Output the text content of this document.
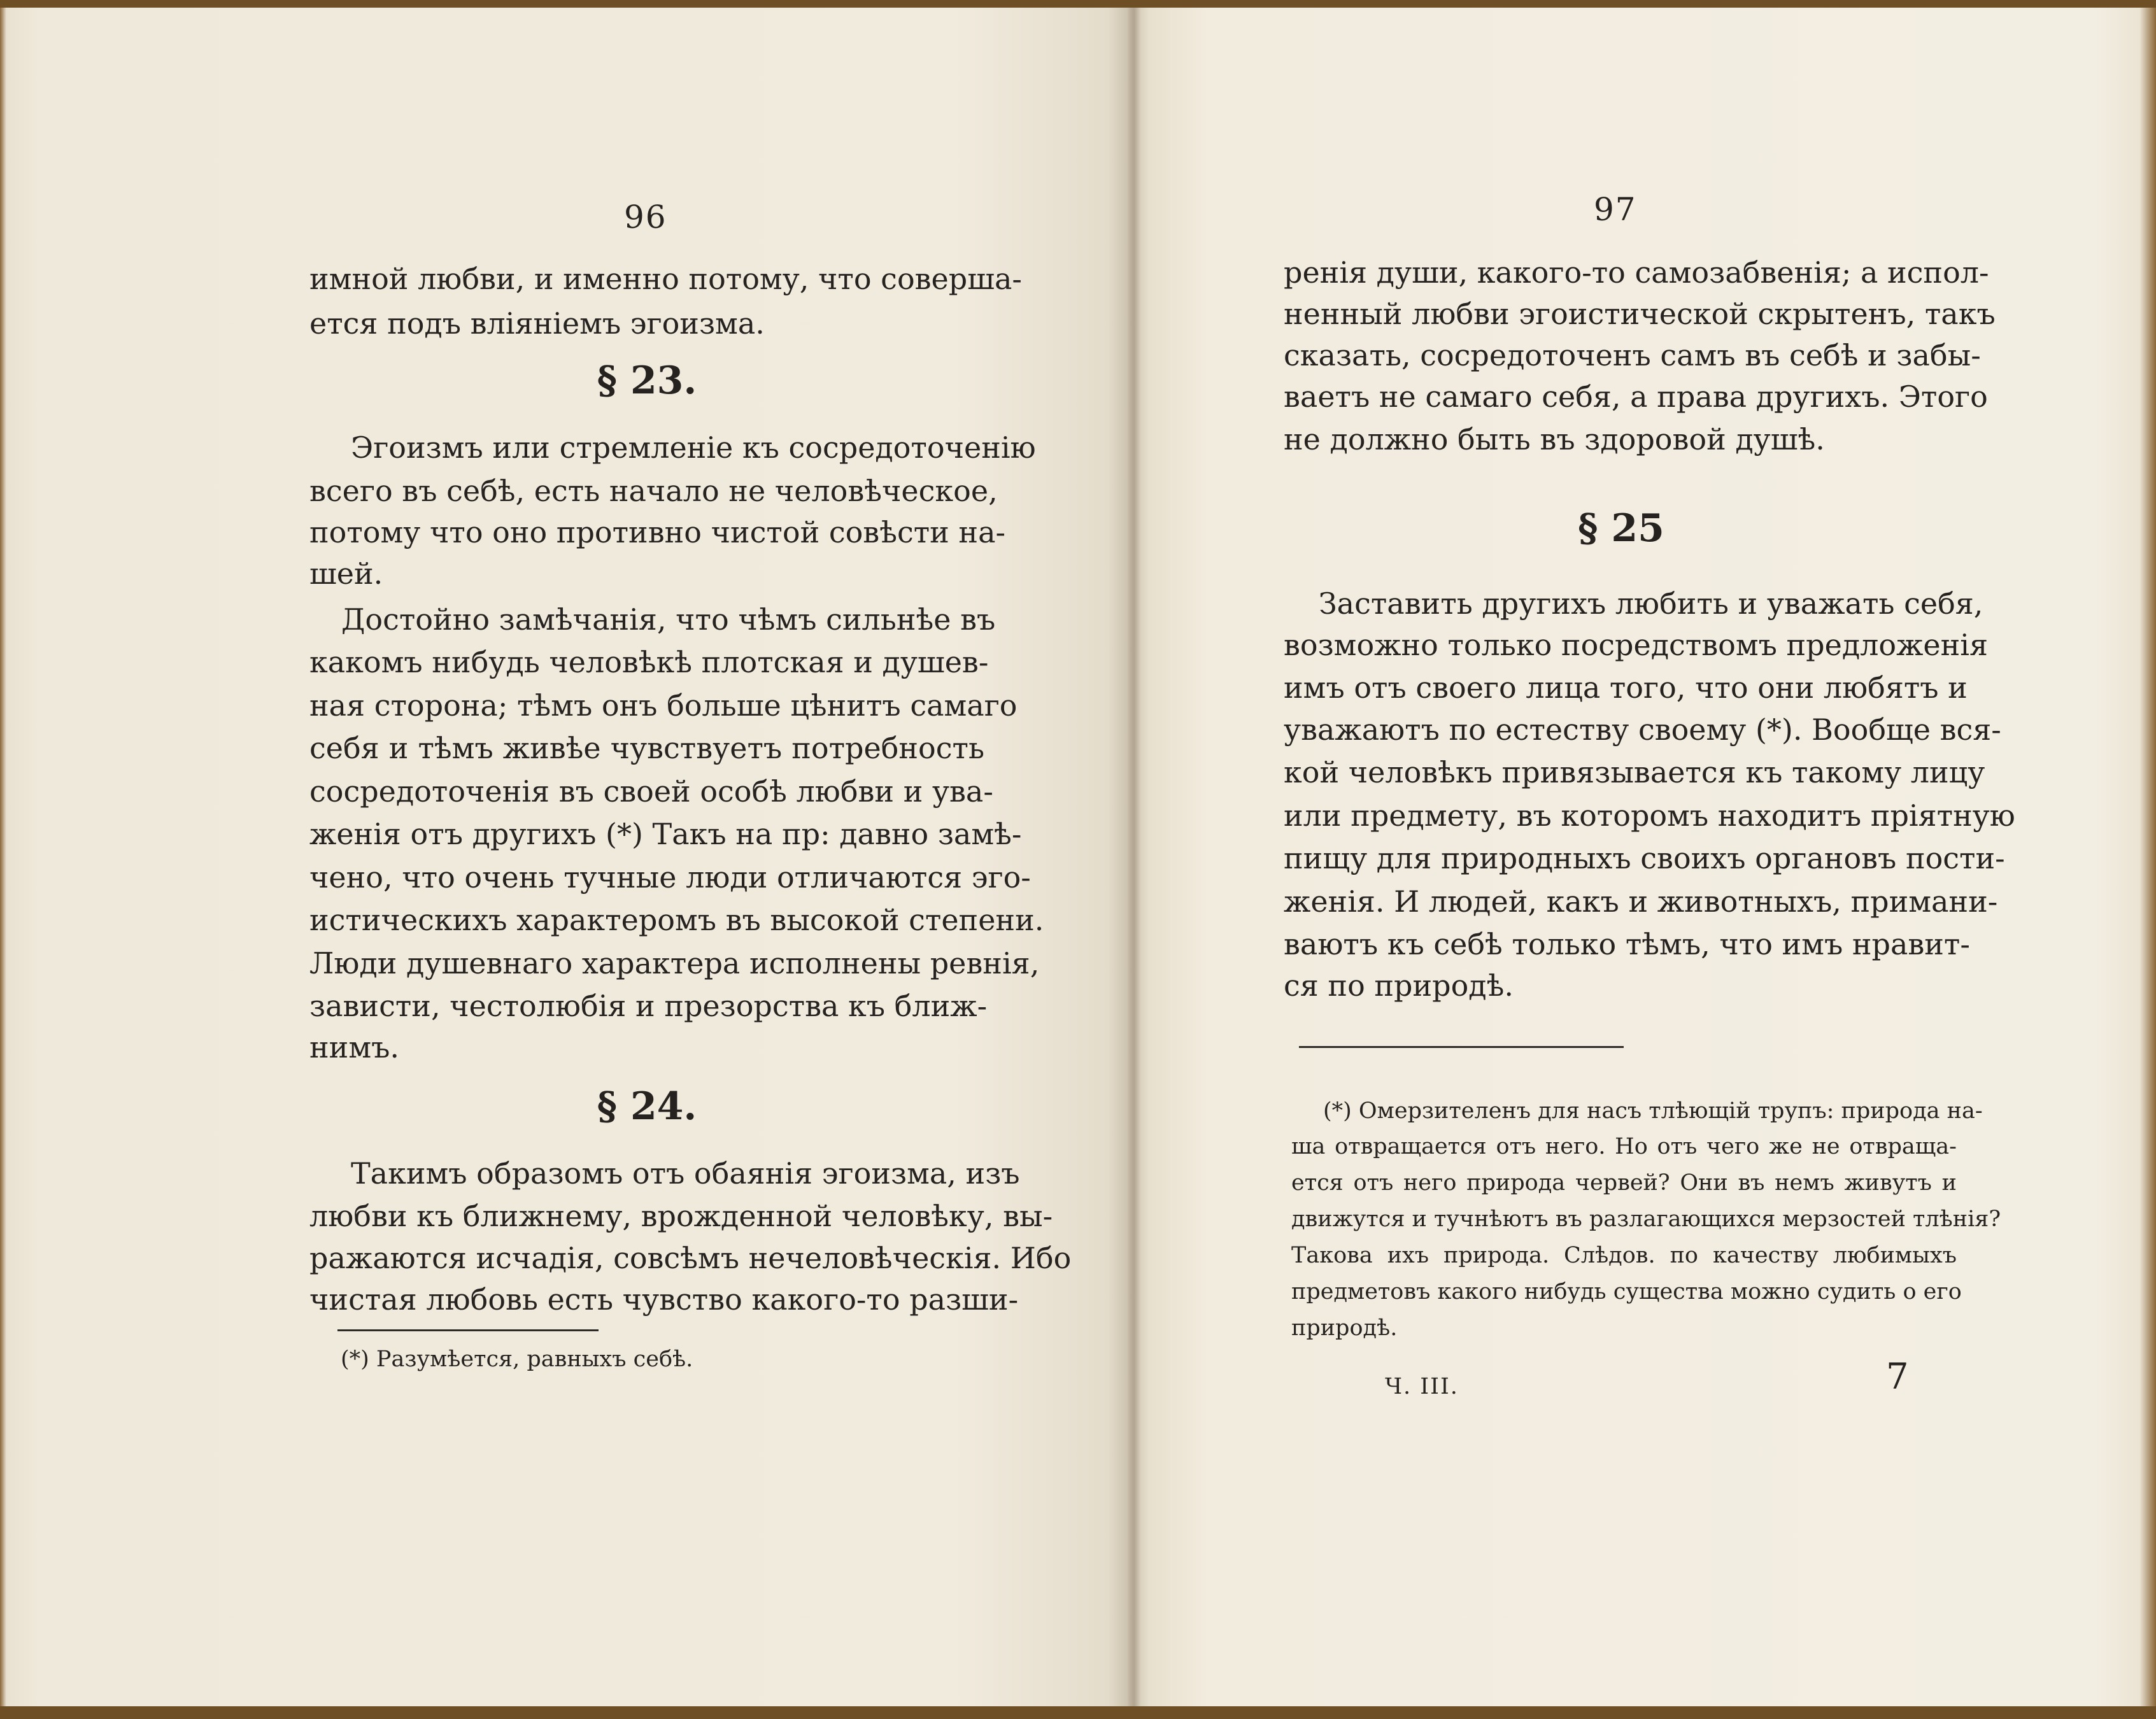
96
имной любви, и именно потому, что соверша-
ется подъ влiянiемъ эгоизма.
§ 23.
Эгоизмъ или стремленiе къ сосредоточенiю
всего въ себѣ, есть начало не человѣческое,
потому что оно противно чистой совѣсти на-
шей.
Достойно замѣчанiя, что чѣмъ сильнѣе въ
какомъ нибудь человѣкѣ плотская и душев-
ная сторона; тѣмъ онъ больше цѣнитъ самаго
себя и тѣмъ живѣе чувствуетъ потребность
сосредоточенiя въ своей особѣ любви и ува-
женiя отъ другихъ (*) Такъ на пр: давно замѣ-
чено, что очень тучные люди отличаются эго-
истическихъ характеромъ въ высокой степени.
Люди душевнаго характера исполнены ревнiя,
зависти, честолюбiя и презорства къ ближ-
нимъ.
§ 24.
Такимъ образомъ отъ обаянiя эгоизма, изъ
любви къ ближнему, врожденной человѣку, вы-
ражаются исчадiя, совсѣмъ нечеловѣческiя. Ибо
чистая любовь есть чувство какого-то разши-
(*) Разумѣется, равныхъ себѣ.
97
ренiя души, какого-то самозабвенiя; а испол-
ненный любви эгоистической скрытенъ, такъ
сказать, сосредоточенъ самъ въ себѣ и забы-
ваетъ не самаго себя, а права другихъ. Этого
не должно быть въ здоровой душѣ.
§ 25
Заставить другихъ любить и уважать себя,
возможно только посредствомъ предложенiя
имъ отъ своего лица того, что они любятъ и
уважаютъ по естеству своему (*). Вообще вся-
кой человѣкъ привязывается къ такому лицу
или предмету, въ которомъ находитъ прiятную
пищу для природныхъ своихъ органовъ пости-
женiя. И людей, какъ и животныхъ, примани-
ваютъ къ себѣ только тѣмъ, что имъ нравит-
ся по природѣ.
(*) Омерзителенъ для насъ тлѣющiй трупъ: природа на-
ша отвращается отъ него. Но отъ чего же не отвраща-
ется отъ него природа червей? Они въ немъ живутъ и
движутся и тучнѣютъ въ разлагающихся мерзостей тлѣнiя?
Такова ихъ природа. Слѣдов. по качеству любимыхъ
предметовъ какого нибудь существа можно судить о его
природѣ.
Ч. III.	7
